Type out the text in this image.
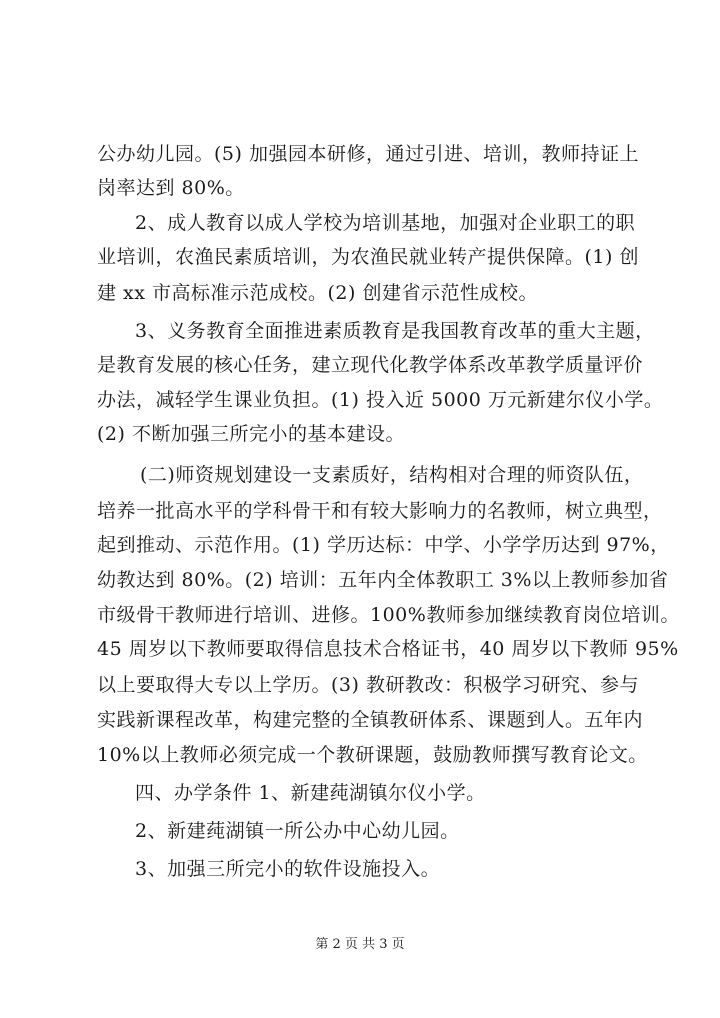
公办幼儿园。(5) 加强园本研修，通过引进、培训，教师持证上
岗率达到 80%。
2、成人教育以成人学校为培训基地，加强对企业职工的职
业培训，农渔民素质培训，为农渔民就业转产提供保障。(1) 创
建 xx 市高标准示范成校。(2) 创建省示范性成校。
3、义务教育全面推进素质教育是我国教育改革的重大主题，
是教育发展的核心任务，建立现代化教学体系改革教学质量评价
办法，减轻学生课业负担。(1) 投入近 5000 万元新建尔仪小学。
(2) 不断加强三所完小的基本建设。
(二)师资规划建设一支素质好，结构相对合理的师资队伍，
培养一批高水平的学科骨干和有较大影响力的名教师，树立典型，
起到推动、示范作用。(1) 学历达标：中学、小学学历达到 97%，
幼教达到 80%。(2) 培训：五年内全体教职工 3%以上教师参加省
市级骨干教师进行培训、进修。100%教师参加继续教育岗位培训。
45 周岁以下教师要取得信息技术合格证书，40 周岁以下教师 95%
以上要取得大专以上学历。(3) 教研教改：积极学习研究、参与
实践新课程改革，构建完整的全镇教研体系、课题到人。五年内
10%以上教师必须完成一个教研课题，鼓励教师撰写教育论文。
四、办学条件 1、新建莼湖镇尔仪小学。
2、新建莼湖镇一所公办中心幼儿园。
3、加强三所完小的软件设施投入。
第 2 页 共 3 页
